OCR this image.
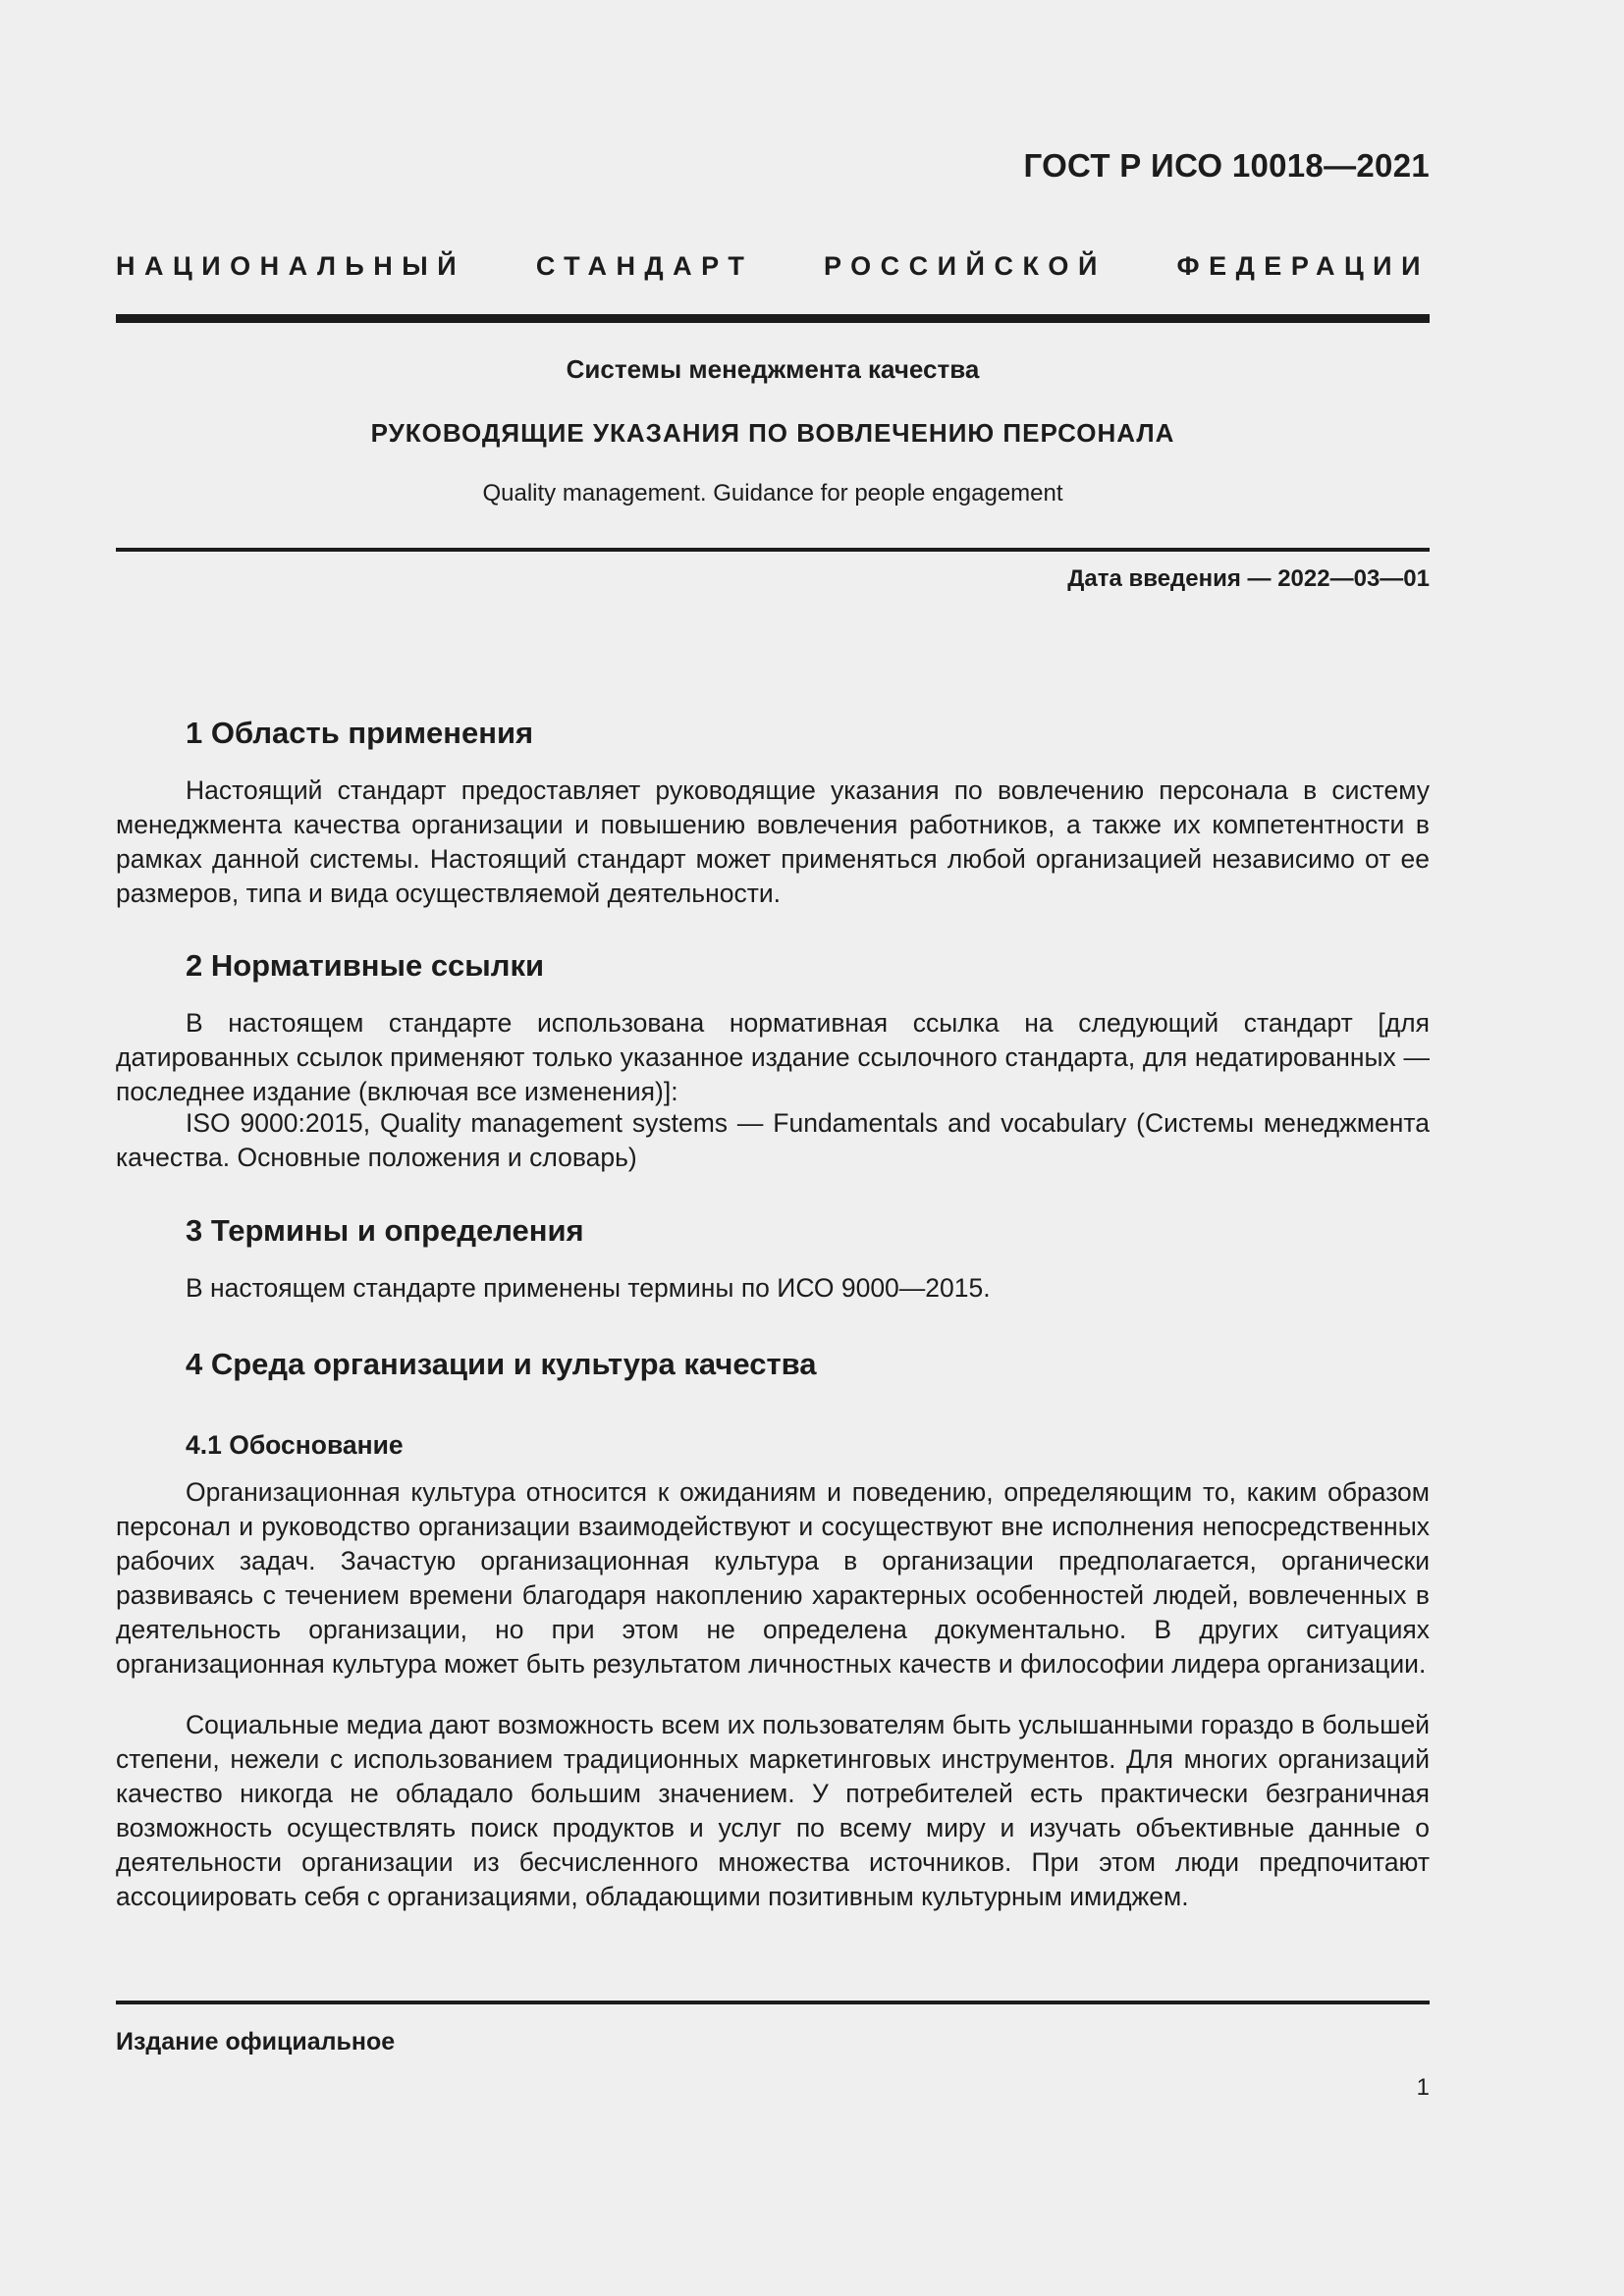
ГОСТ Р ИСО 10018—2021
НАЦИОНАЛЬНЫЙ СТАНДАРТ РОССИЙСКОЙ ФЕДЕРАЦИИ
Системы менеджмента качества
РУКОВОДЯЩИЕ УКАЗАНИЯ ПО ВОВЛЕЧЕНИЮ ПЕРСОНАЛА
Quality management. Guidance for people engagement
Дата введения — 2022—03—01
1 Область применения

Настоящий стандарт предоставляет руководящие указания по вовлечению персонала в систему менеджмента качества организации и повышению вовлечения работников, а также их компетентности в рамках данной системы. Настоящий стандарт может применяться любой организацией независимо от ее размеров, типа и вида осуществляемой деятельности.

2 Нормативные ссылки

В настоящем стандарте использована нормативная ссылка на следующий стандарт [для датированных ссылок применяют только указанное издание ссылочного стандарта, для недатированных — последнее издание (включая все изменения)]:

ISO 9000:2015, Quality management systems — Fundamentals and vocabulary (Системы менеджмента качества. Основные положения и словарь)

3 Термины и определения

В настоящем стандарте применены термины по ИСО 9000—2015.

4 Среда организации и культура качества
4.1 Обоснование

Организационная культура относится к ожиданиям и поведению, определяющим то, каким образом персонал и руководство организации взаимодействуют и сосуществуют вне исполнения непосредственных рабочих задач. Зачастую организационная культура в организации предполагается, органически развиваясь с течением времени благодаря накоплению характерных особенностей людей, вовлеченных в деятельность организации, но при этом не определена документально. В других ситуациях организационная культура может быть результатом личностных качеств и философии лидера организации.

Социальные медиа дают возможность всем их пользователям быть услышанными гораздо в большей степени, нежели с использованием традиционных маркетинговых инструментов. Для многих организаций качество никогда не обладало большим значением. У потребителей есть практически безграничная возможность осуществлять поиск продуктов и услуг по всему миру и изучать объективные данные о деятельности организации из бесчисленного множества источников. При этом люди предпочитают ассоциировать себя с организациями, обладающими позитивным культурным имиджем.

Издание официальное
1
